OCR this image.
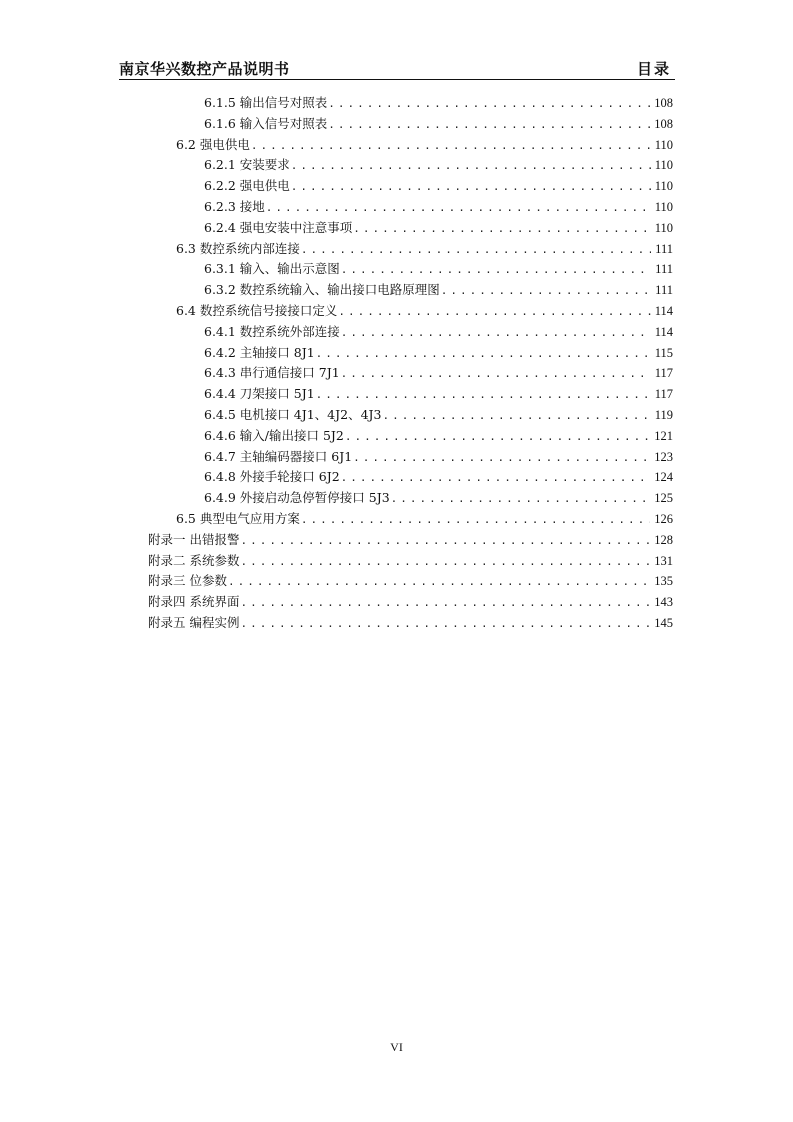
南京华兴数控产品说明书	目录
6.1.5 输出信号对照表 .....	108
6.1.6 输入信号对照表 .....	108
6.2 强电供电 .....	110
6.2.1 安装要求 .....	110
6.2.2 强电供电 .....	110
6.2.3 接地 .....	110
6.2.4 强电安装中注意事项 .....	110
6.3 数控系统内部连接 .....	111
6.3.1 输入、输出示意图 .....	111
6.3.2 数控系统输入、输出接口电路原理图 .....	111
6.4 数控系统信号接接口定义 .....	114
6.4.1 数控系统外部连接 .....	114
6.4.2 主轴接口 8J1 .....	115
6.4.3 串行通信接口 7J1 .....	117
6.4.4 刀架接口 5J1 .....	117
6.4.5 电机接口 4J1、4J2、4J3 .....	119
6.4.6 输入/输出接口 5J2 .....	121
6.4.7 主轴编码器接口 6J1 .....	123
6.4.8 外接手轮接口 6J2 .....	124
6.4.9 外接启动急停暂停接口 5J3 .....	125
6.5 典型电气应用方案 .....	126
附录一 出错报警 .....	128
附录二 系统参数 .....	131
附录三 位参数 .....	135
附录四 系统界面 .....	143
附录五 编程实例 .....	145
VI
